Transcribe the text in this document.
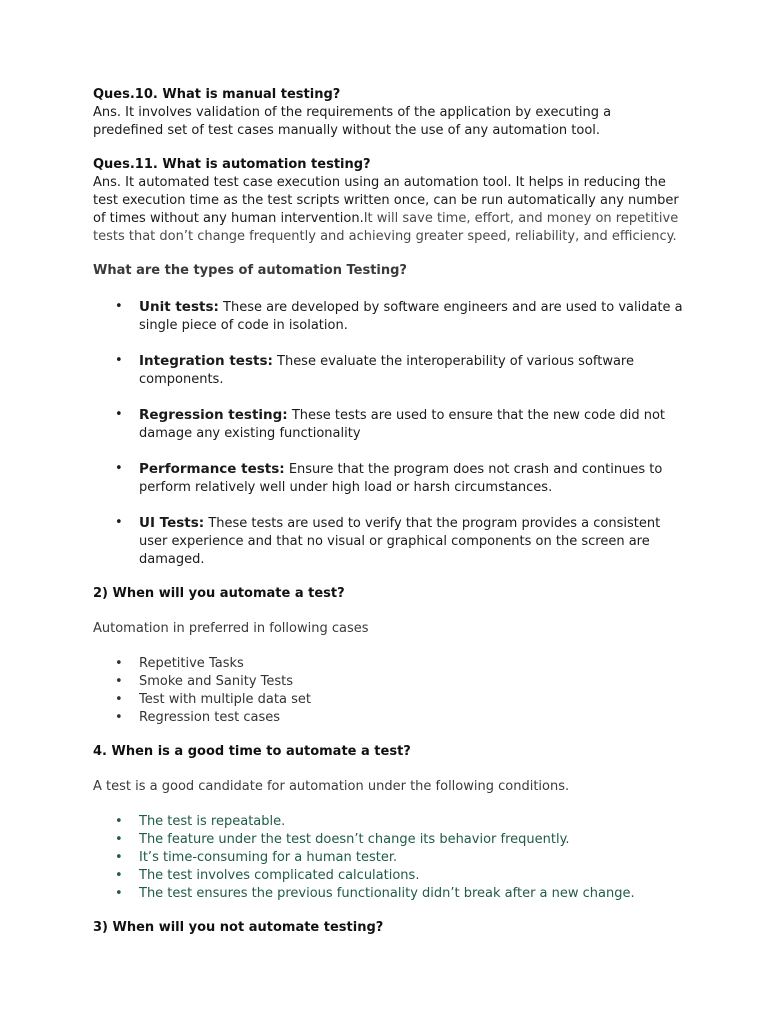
Ques.10. What is manual testing?

Ans. It involves validation of the requirements of the application by executing a predefined set of test cases manually without the use of any automation tool.

Ques.11. What is automation testing?

Ans. It automated test case execution using an automation tool. It helps in reducing the test execution time as the test scripts written once, can be run automatically any number of times without any human intervention.It will save time, effort, and money on repetitive tests that don’t change frequently and achieving greater speed, reliability, and efficiency.

What are the types of automation Testing?

• Unit tests: These are developed by software engineers and are used to validate a single piece of code in isolation.
• Integration tests: These evaluate the interoperability of various software components.
• Regression testing: These tests are used to ensure that the new code did not damage any existing functionality
• Performance tests: Ensure that the program does not crash and continues to perform relatively well under high load or harsh circumstances.
• UI Tests: These tests are used to verify that the program provides a consistent user experience and that no visual or graphical components on the screen are damaged.

2) When will you automate a test?

Automation in preferred in following cases

• Repetitive Tasks
• Smoke and Sanity Tests
• Test with multiple data set
• Regression test cases

4. When is a good time to automate a test?

A test is a good candidate for automation under the following conditions.

• The test is repeatable.
• The feature under the test doesn’t change its behavior frequently.
• It’s time-consuming for a human tester.
• The test involves complicated calculations.
• The test ensures the previous functionality didn’t break after a new change.

3) When will you not automate testing?
